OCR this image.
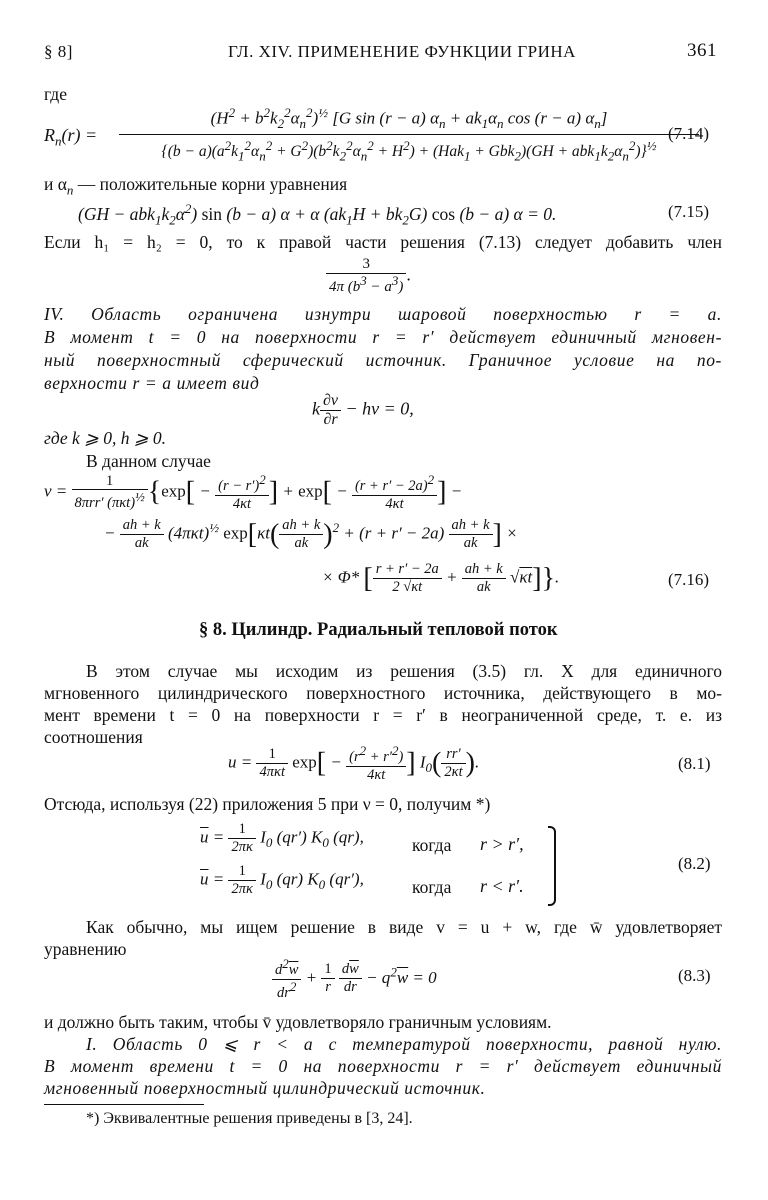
§ 8]	ГЛ. XIV. ПРИМЕНЕНИЕ ФУНКЦИИ ГРИНА	361
где
$R_n(r)$ =
$(H^2 + b^2k_2^2\alpha_n^2)^{\frac{1}{2}}$ [G sin (r − a) $\alpha_n + ak_1\alpha_n$ cos (r − a) $\alpha_n$]
$\{(b - a)(a^2k_1^2\alpha_n^2 + G^2)(b^2k_2^2\alpha_n^2 + H^2) + (Hak_1 + Gbk_2)(GH + abk_1k_2\alpha_n^2)\}^{\frac{1}{2}}$
(7.14)
и $\alpha_n$ — положительные корни уравнения
$(GH - abk_1k_2\alpha^2)$ sin (b − a) α + α $(ak_1H + bk_2G)$ cos (b − a) α = 0.	(7.15)
Если h₁ = h₂ = 0, то к правой части решения (7.13) следует добавить член
$\frac{3}{4\pi (b^3 - a^3)}$ .
IV. Область ограничена изнутри шаровой поверхностью r = a.
В момент t = 0 на поверхности r = r′ действует единичный мгновен-
ный поверхностный сферический источник. Граничное условие на по-
верхности r = a имеет вид
k $\frac{\partial v}{\partial r}$ − hv = 0,
где k ⩾ 0, h ⩾ 0.
В данном случае
$v = \frac{1}{8\pi rr' (\pi\kappa t)^{\frac{1}{2}}} \{\exp[ - \frac{(r - r')^2}{4\kappa t}$ ] + $\exp[ - \frac{(r + r' - 2a)^2}{4\kappa t}$ ] −
− $\frac{ah + k}{ak} (4\pi\kappa t)^{\frac{1}{2}}$ $\exp[\kappa t( \frac{ah + k}{ak} )^2 + (r + r' - 2a) \frac{ah + k}{ak}$ ] ×
× Φ* [ $\frac{r + r' - 2a}{2 √\kappa t} + \frac{ah + k}{ak} √\kappa t$]}.	(7.16)
§ 8. Цилиндр. Радиальный тепловой поток
В этом случае мы исходим из решения (3.5) гл. X для единичного
мгновенного цилиндрического поверхностного источника, действующего в мо-
мент времени t = 0 на поверхности r = r′ в неограниченной среде, т. е. из
соотношения
$u = \frac{1}{\text{4πκt}} \exp[ - \frac{(r^2 + r'^2)}{4\kappa t}$ ] $I_0( \frac{rr'}{2\kappa t}$ ).	(8.1)
Отсюда, используя (22) приложения 5 при ν = 0, получим *)
$\overline{u} = \frac{1}{2\pi\kappa} I_0$ (qr′) $K_0$ (qr),	когда r > r′,
$\overline{u} = \frac{1}{2\pi\kappa} I_0$ (qr) $K_0$ (qr′),	когда r < r′.
(8.2)
Как обычно, мы ищем решение в виде v = u + w, где w̄ удовлетворяет
уравнению
$\frac{d^2\overline{w}}{dr^2} + \frac{1}{r}$
$\frac{d\overline{w}}{dr} - q^2\overline{w} = 0$	(8.3)
и должно быть таким, чтобы v̄ удовлетворяло граничным условиям.
I. Область 0 ⩽ r < a с температурой поверхности, равной нулю.
В момент времени t = 0 на поверхности r = r′ действует единичный
мгновенный поверхностный цилиндрический источник.
*) Эквивалентные решения приведены в [3, 24].
